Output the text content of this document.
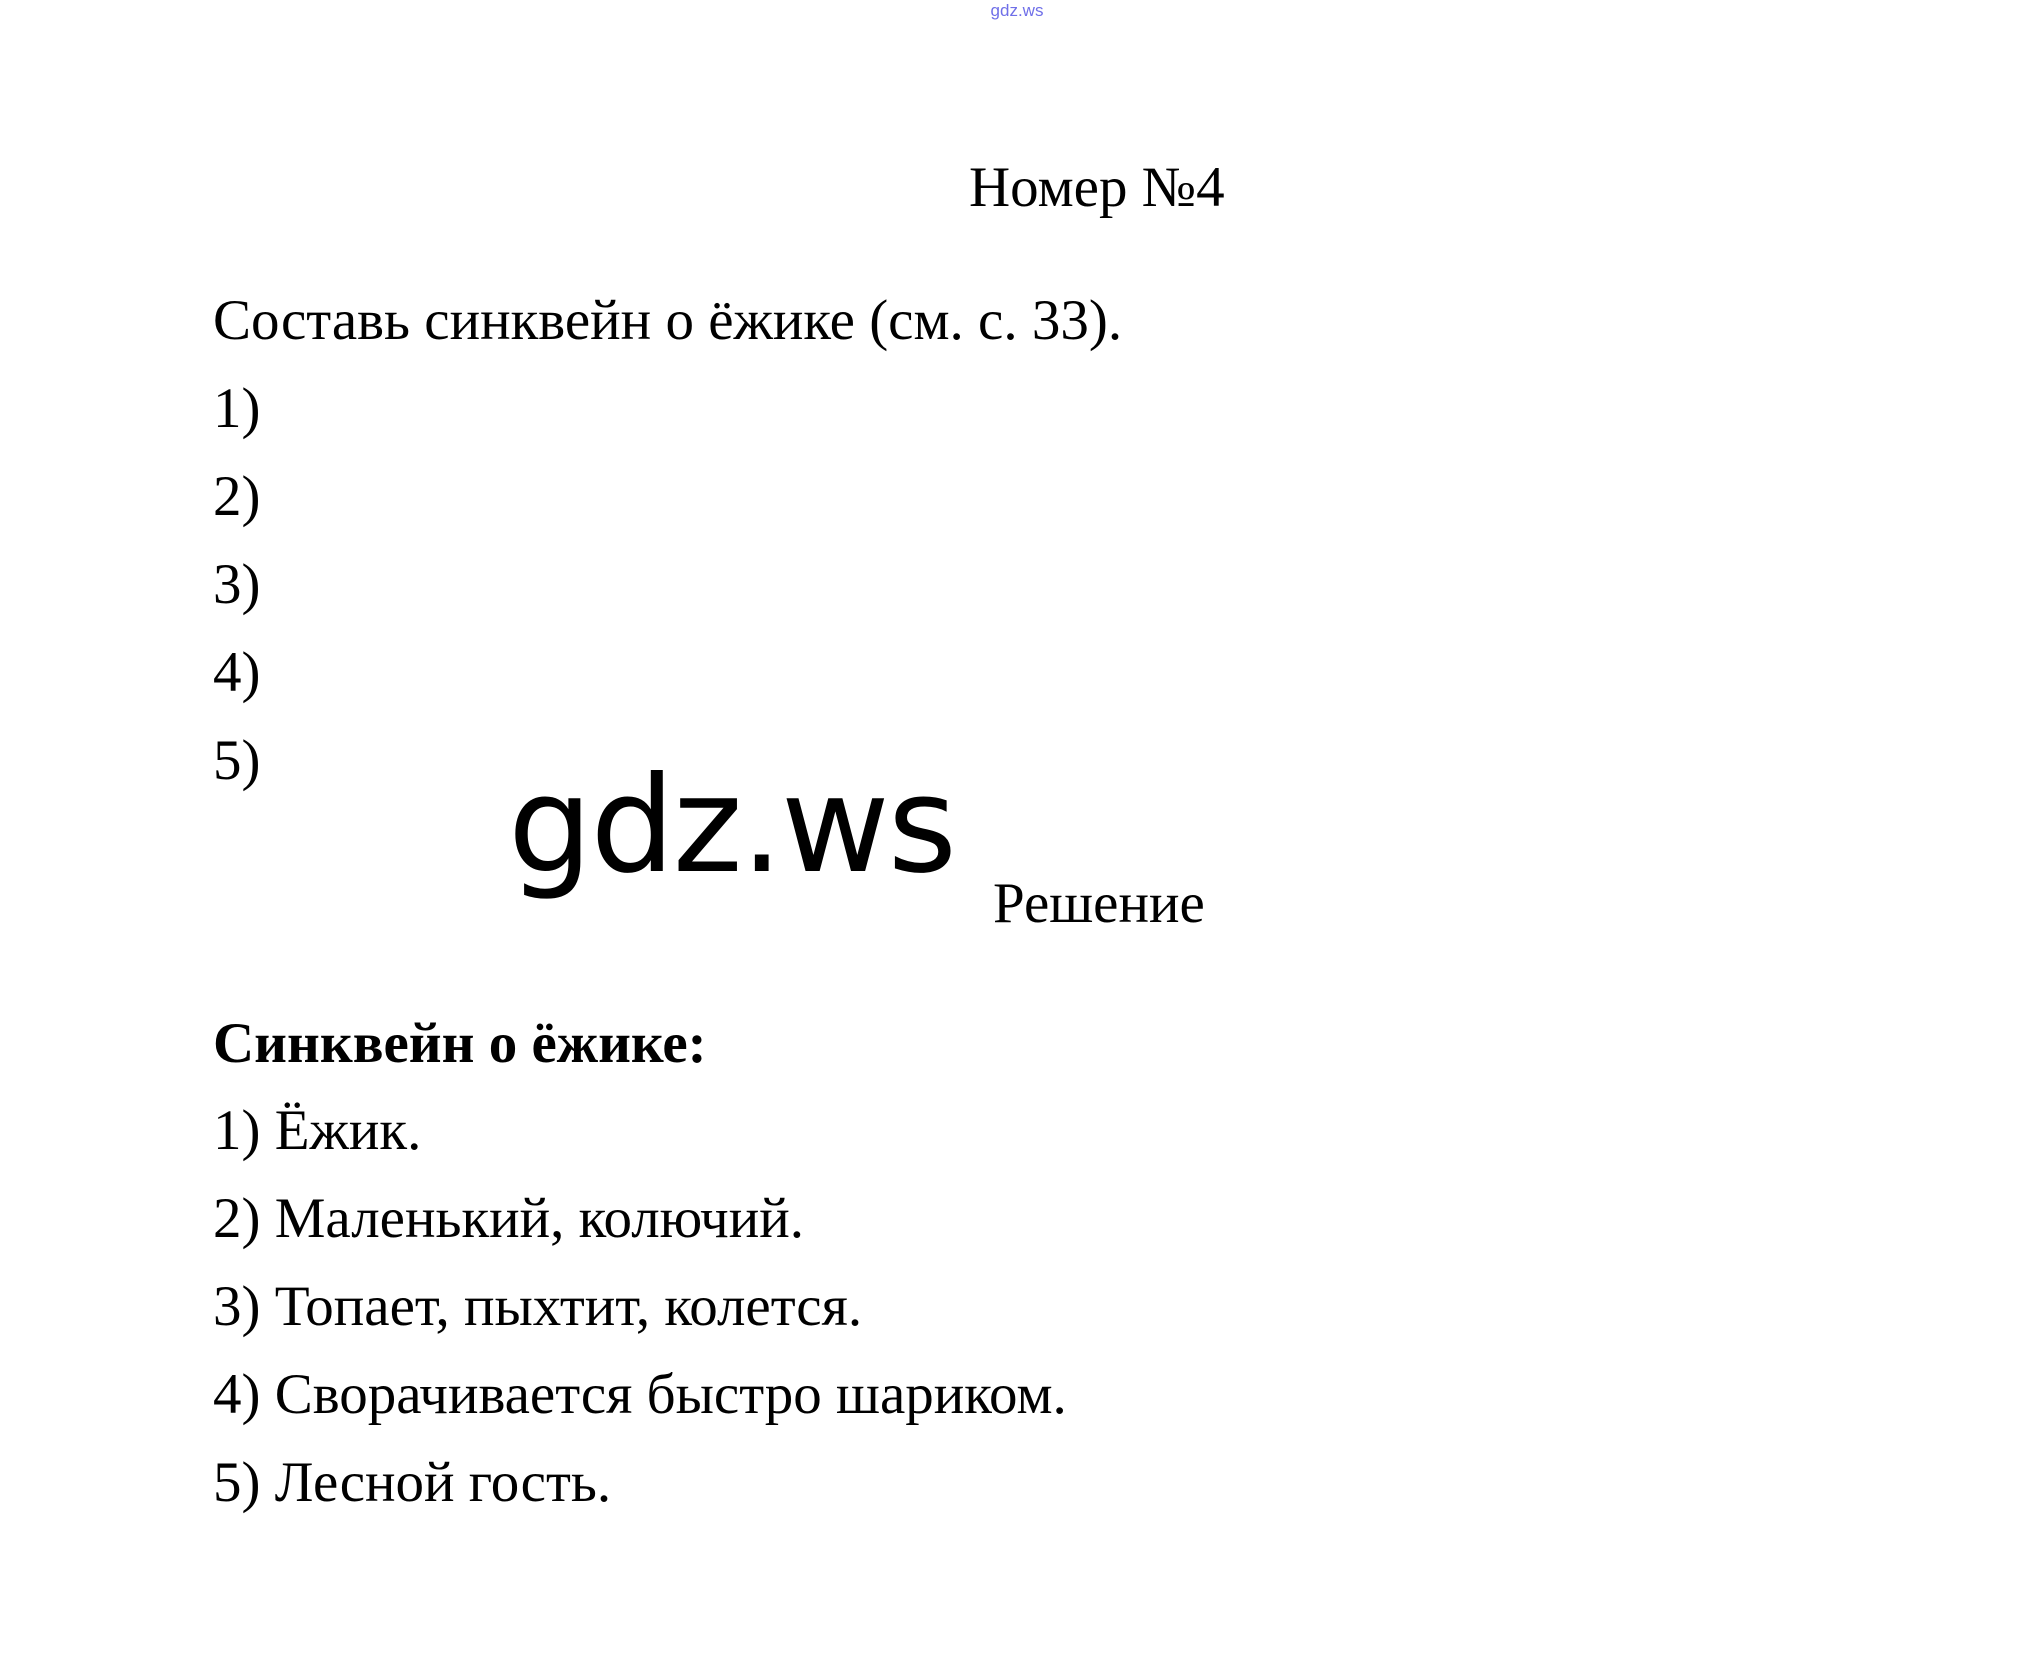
gdz.ws
Номер №4
Составь синквейн о ёжике (см. с. 33).
1)
2)
3)
4)
5) gdz.ws
Решение
Синквейн о ёжике:
1) Ёжик.
2) Маленький, колючий.
3) Топает, пыхтит, колется.
4) Сворачивается быстро шариком.
5) Лесной гость.
